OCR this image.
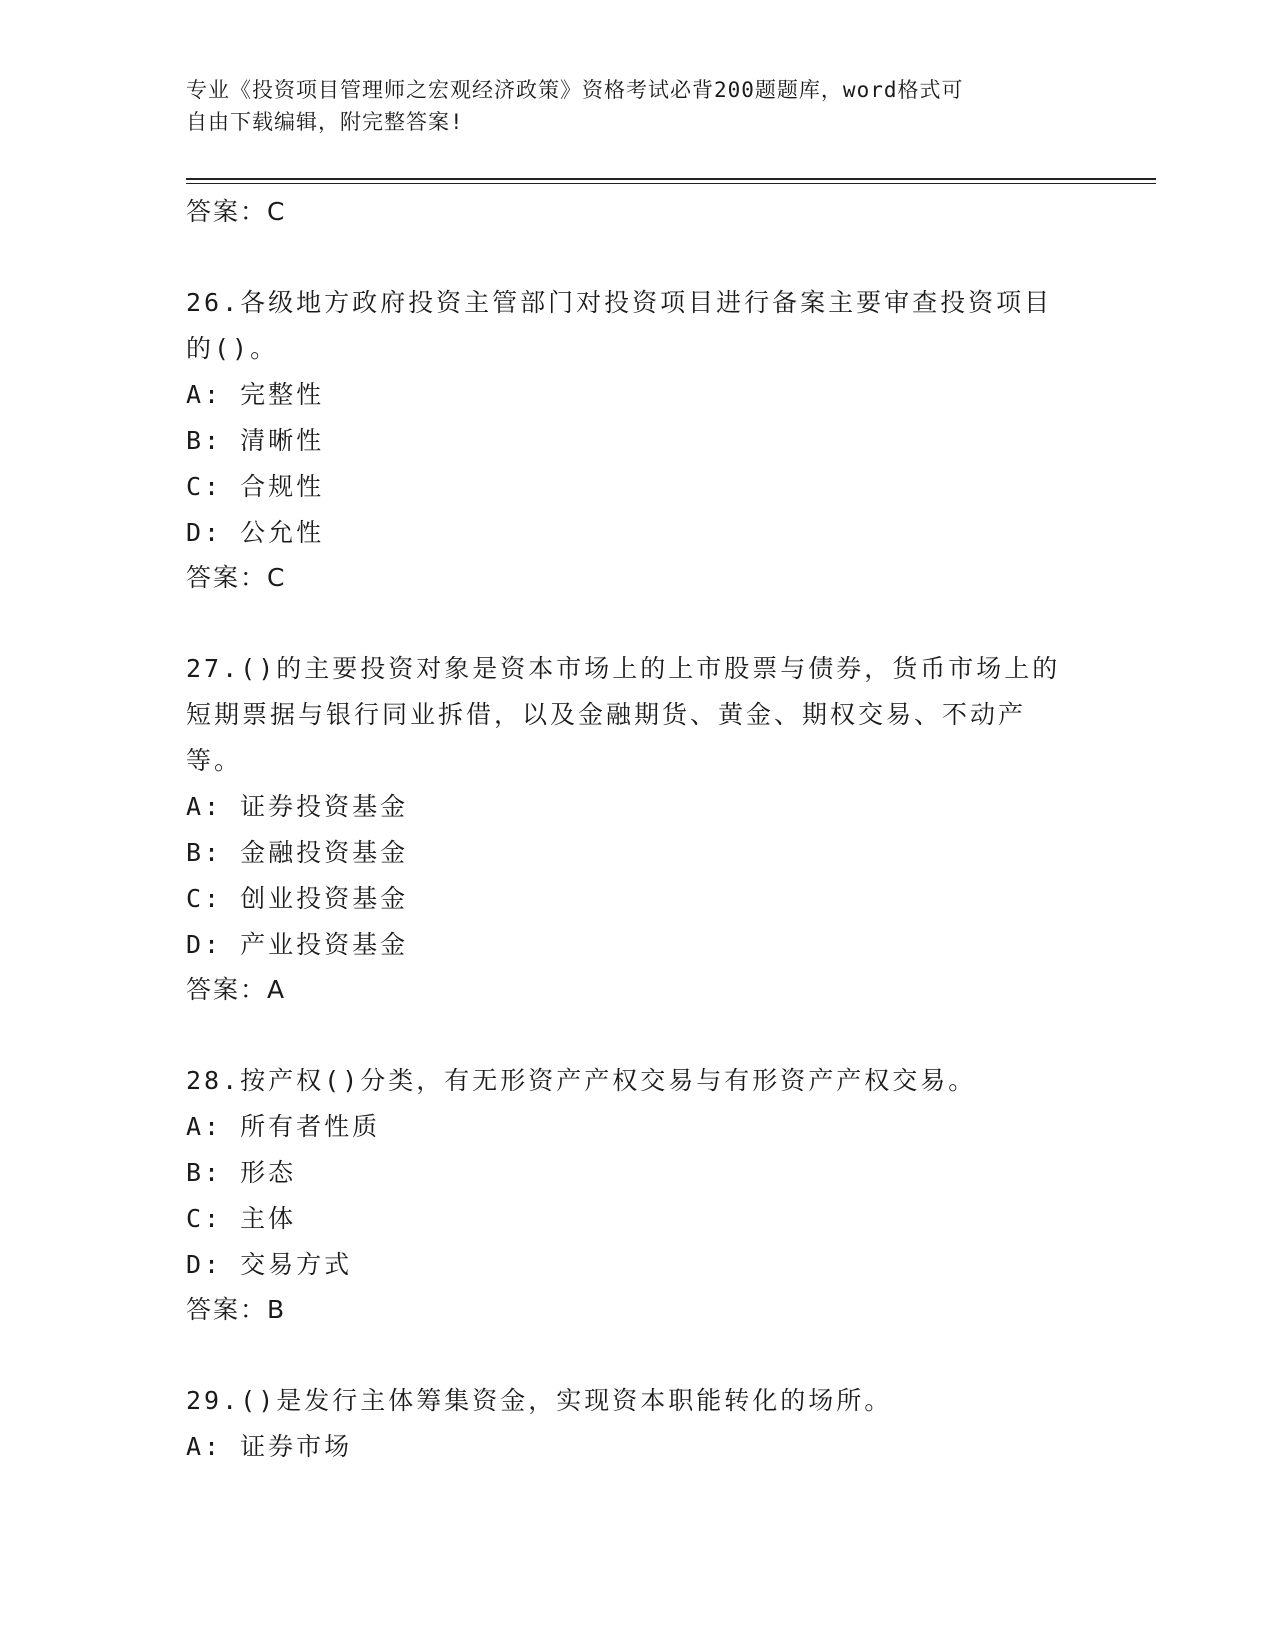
专业《投资项目管理师之宏观经济政策》资格考试必背200题题库，word格式可
自由下载编辑，附完整答案!

答案：C

26.各级地方政府投资主管部门对投资项目进行备案主要审查投资项目

的()。

A: 完整性

B: 清晰性

C: 合规性

D: 公允性

答案：C

27.()的主要投资对象是资本市场上的上市股票与债券，货币市场上的

短期票据与银行同业拆借，以及金融期货、黄金、期权交易、不动产

等。

A: 证券投资基金

B: 金融投资基金

C: 创业投资基金

D: 产业投资基金

答案：A

28.按产权()分类，有无形资产产权交易与有形资产产权交易。

A: 所有者性质

B: 形态

C: 主体

D: 交易方式

答案：B

29.()是发行主体筹集资金，实现资本职能转化的场所。

A: 证券市场
